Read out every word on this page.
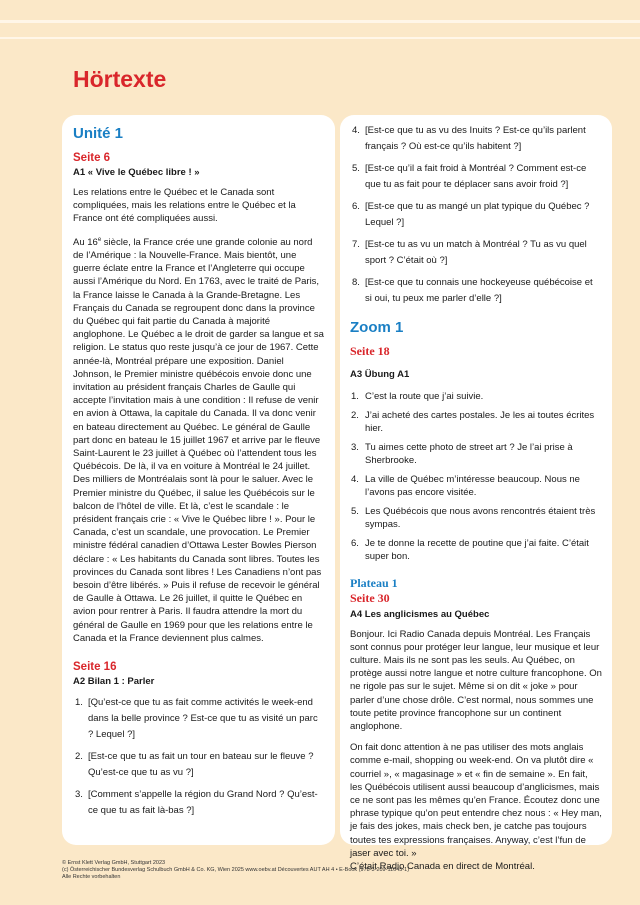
Hörtexte
Unité 1
Seite 6
A1 « Vive le Québec libre ! »

Les relations entre le Québec et le Canada sont compliquées, mais les relations entre le Québec et la France ont été compliquées aussi.

Au 16e siècle, la France crée une grande colonie au nord de l’Amérique : la Nouvelle-France. Mais bientôt, une guerre éclate entre la France et l’Angleterre qui occupe aussi l’Amérique du Nord. En 1763, avec le traité de Paris, la France laisse le Canada à la Grande-Bretagne. Les Français du Canada se regroupent donc dans la province du Québec qui fait partie du Canada à majorité anglophone. Le Québec a le droit de garder sa langue et sa religion. Le status quo reste jusqu’à ce jour de 1967. Cette année-là, Montréal prépare une exposition. Daniel Johnson, le Premier ministre québécois envoie donc une invitation au président français Charles de Gaulle qui accepte l’invitation mais à une condition : Il refuse de venir en avion à Ottawa, la capitale du Canada. Il va donc venir en bateau directement au Québec. Le général de Gaulle part donc en bateau le 15 juillet 1967 et arrive par le fleuve Saint-Laurent le 23 juillet à Québec où l’attendent tous les Québécois. De là, il va en voiture à Montréal le 24 juillet. Des milliers de Montréalais sont là pour le saluer. Avec le Premier ministre du Québec, il salue les Québécois sur le balcon de l’hôtel de ville. Et là, c’est le scandale : le président français crie : « Vive le Québec libre ! ». Pour le Canada, c’est un scandale, une provocation. Le Premier ministre fédéral canadien d’Ottawa Lester Bowles Pierson déclare : « Les habitants du Canada sont libres. Toutes les provinces du Canada sont libres ! Les Canadiens n’ont pas besoin d’être libérés. » Puis il refuse de recevoir le général de Gaulle à Ottawa. Le 26 juillet, il quitte le Québec en avion pour rentrer à Paris. Il faudra attendre la mort du général de Gaulle en 1969 pour que les relations entre le Canada et la France deviennent plus calmes.

Seite 16
A2 Bilan 1 : Parler
1. [Qu’est-ce que tu as fait comme activités le week-end dans la belle province ? Est-ce que tu as visité un parc ? Lequel ?]
2. [Est-ce que tu as fait un tour en bateau sur le fleuve ? Qu’est-ce que tu as vu ?]
3. [Comment s’appelle la région du Grand Nord ? Qu’est-ce que tu as fait là-bas ?]
4. [Est-ce que tu as vu des Inuits ? Est-ce qu’ils parlent français ? Où est-ce qu’ils habitent ?]
5. [Est-ce qu’il a fait froid à Montréal ? Comment est-ce que tu as fait pour te déplacer sans avoir froid ?]
6. [Est-ce que tu as mangé un plat typique du Québec ? Lequel ?]
7. [Est-ce tu as vu un match à Montréal ? Tu as vu quel sport ? C’était où ?]
8. [Est-ce que tu connais une hockeyeuse québécoise et si oui, tu peux me parler d’elle ?]
Zoom 1
Seite 18
A3 Übung A1
1. C’est la route que j’ai suivie.
2. J’ai acheté des cartes postales. Je les ai toutes écrites hier.
3. Tu aimes cette photo de street art ? Je l’ai prise à Sherbrooke.
4. La ville de Québec m’intéresse beaucoup. Nous ne l’avons pas encore visitée.
5. Les Québécois que nous avons rencontrés étaient très sympas.
6. Je te donne la recette de poutine que j’ai faite. C’était super bon.
Plateau 1
Seite 30
A4 Les anglicismes au Québec

Bonjour. Ici Radio Canada depuis Montréal. Les Français sont connus pour protéger leur langue, leur musique et leur culture. Mais ils ne sont pas les seuls. Au Québec, on protège aussi notre langue et notre culture francophone. On ne rigole pas sur le sujet. Même si on dit « joke » pour parler d’une chose drôle. C’est normal, nous sommes une toute petite province francophone sur un continent anglophone.

On fait donc attention à ne pas utiliser des mots anglais comme e-mail, shopping ou week-end. On va plutôt dire « courriel », « magasinage » et « fin de semaine ». En fait, les Québécois utilisent aussi beaucoup d’anglicismes, mais ce ne sont pas les mêmes qu’en France. Écoutez donc une phrase typique qu’on peut entendre chez nous : « Hey man, je fais des jokes, mais check ben, je catche pas toujours toutes tes expressions françaises. Anyway, c’est l’fun de jaser avec toi. »

C’était Radio Canada en direct de Montréal.

© Ernst Klett Verlag GmbH, Stuttgart 2023
(c) Österreichischer Bundesverlag Schulbuch GmbH & Co. KG, Wien 2025 www.oebv.at Découvertes AUT AH 4 • E-Book (978-3-209-11645-1)
Alle Rechte vorbehalten
